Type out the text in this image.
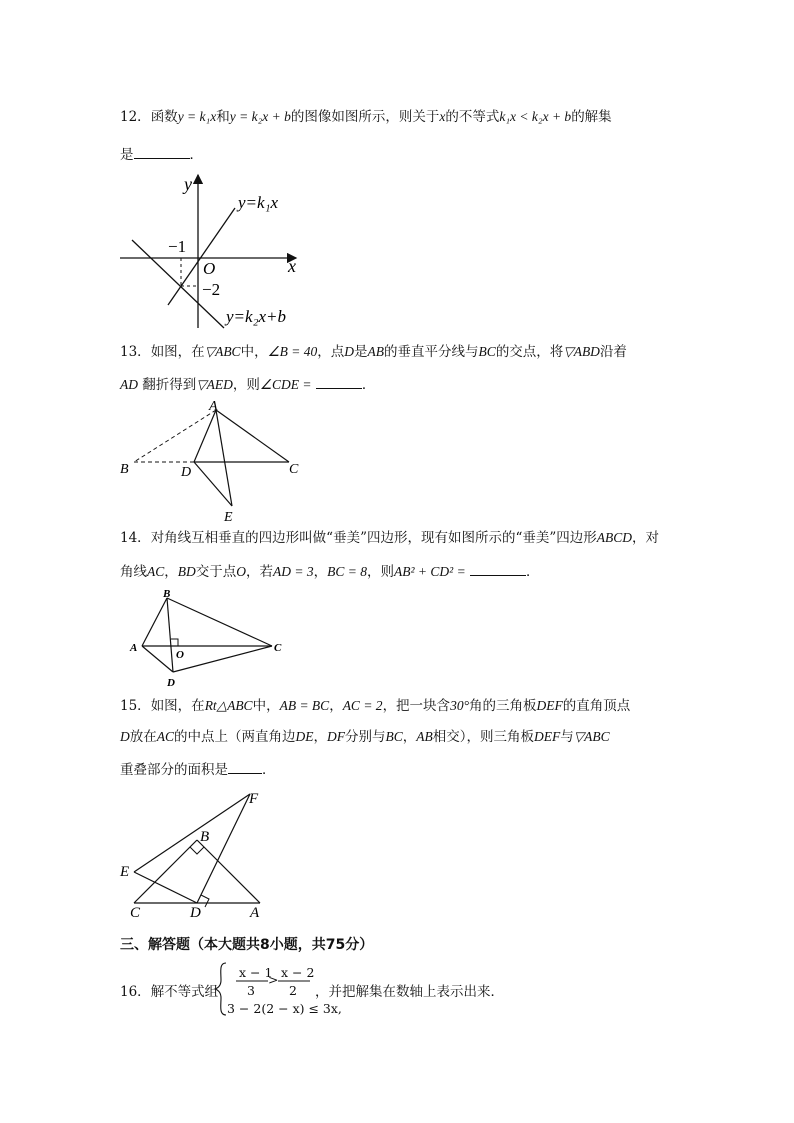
12．函数y = k₁x和y = k₂x + b的图像如图所示，则关于x的不等式k₁x < k₂x + b的解集
是	．
y
x
O
−1
−2
y=k₁x
y=k₂x+b
13．如图，在▽ABC中，∠B = 40，点D是AB的垂直平分线与BC的交点，将▽ABD沿着
AD 翻折得到▽AED，则∠CDE =	．
A
B	D	C
E
14．对角线互相垂直的四边形叫做“垂美”四边形，现有如图所示的“垂美”四边形ABCD，对
角线AC，BD交于点O，若AD = 3，BC = 8，则AB² + CD² =	．
B
A
O
C
D
15．如图，在Rt△ABC中，AB = BC，AC = 2，把一块含30°角的三角板DEF的直角顶点
D放在AC的中点上（两直角边DE，DF分别与BC，AB相交），则三角板DEF与▽ABC
重叠部分的面积是	．
F
B
E
C	D	A
三、解答题（本大题共8小题，共75分）
16．解不等式组
x − 1
3
> x − 2
2
3 − 2(2 − x) ≤ 3x,
，并把解集在数轴上表示出来．
